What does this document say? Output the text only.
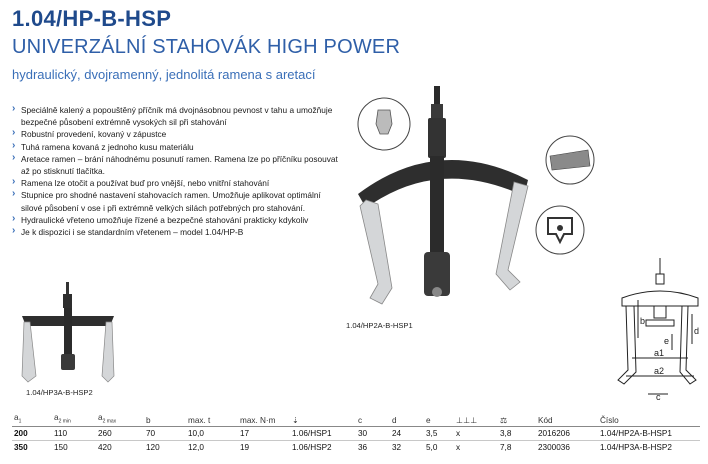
1.04/HP-B-HSP
UNIVERZÁLNÍ STAHOVÁK HIGH POWER
hydraulický, dvojramenný, jednolitá ramena s aretací
› Speciálně kalený a popouštěný příčník má dvojnásobnou pevnost v tahu a umožňuje bezpečné působení extrémně vysokých sil při stahování
› Robustní provedení, kovaný v zápustce
› Tuhá ramena kovaná z jednoho kusu materiálu
› Aretace ramen – brání náhodnému posunutí ramen. Ramena lze po příčníku posouvat až po stisknutí tlačítka.
› Ramena lze otočit a používat buď pro vnější, nebo vnitřní stahování
› Stupnice pro shodné nastavení stahovacích ramen. Umožňuje aplikovat optimální silové působení v ose i při extrémně velkých silách potřebných pro stahování.
› Hydraulické vřeteno umožňuje řízené a bezpečné stahování prakticky kdykoliv
› Je k dispozici i se standardním vřetenem – model 1.04/HP-B
1.04/HP2A-B-HSP1
1.04/HP3A-B-HSP2
b
e
d
a1
a2
c
$a_1$	$a_{2 min}$	$a_{2 max}$	b	max. t	max. N·m	⇣	c	d	e	⊥⊥⊥	⚖	Kód	Číslo
200	110	260	70	10,0	17	1.06/HSP1	30	24	3,5	x	3,8	2016206	1.04/HP2A-B-HSP1
350	150	420	120	12,0	19	1.06/HSP2	36	32	5,0	x	7,8	2300036	1.04/HP3A-B-HSP2
